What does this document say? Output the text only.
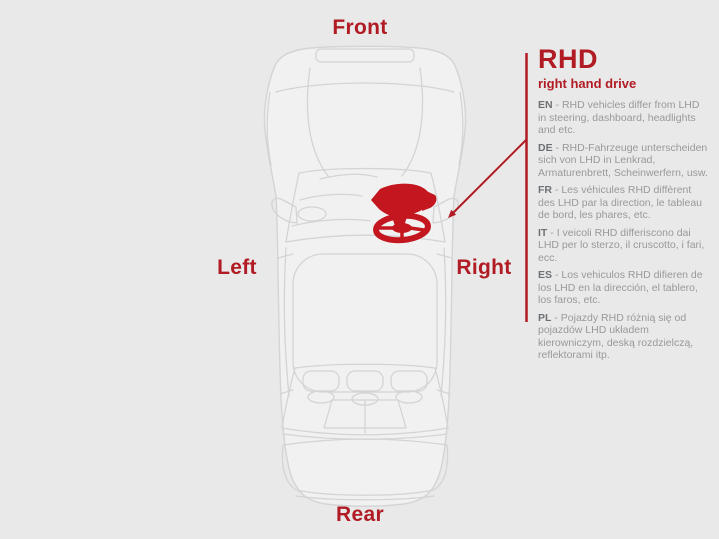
Front
Rear
Left	Right
RHD
right hand drive

EN - RHD vehicles differ from LHD in steering, dashboard, headlights and etc.

DE - RHD-Fahrzeuge unterscheiden sich von LHD in Lenkrad, Armaturenbrett, Scheinwerfern, usw.

FR - Les véhicules RHD diffèrent des LHD par la direction, le tableau de bord, les phares, etc.

IT - I veicoli RHD differiscono dai LHD per lo sterzo, il cruscotto, i fari, ecc.

ES - Los vehiculos RHD difieren de los LHD en la dirección, el tablero, los faros, etc.

PL - Pojazdy RHD różnią się od pojazdów LHD układem kierowniczym, deską rozdzielczą, reflektorami itp.
